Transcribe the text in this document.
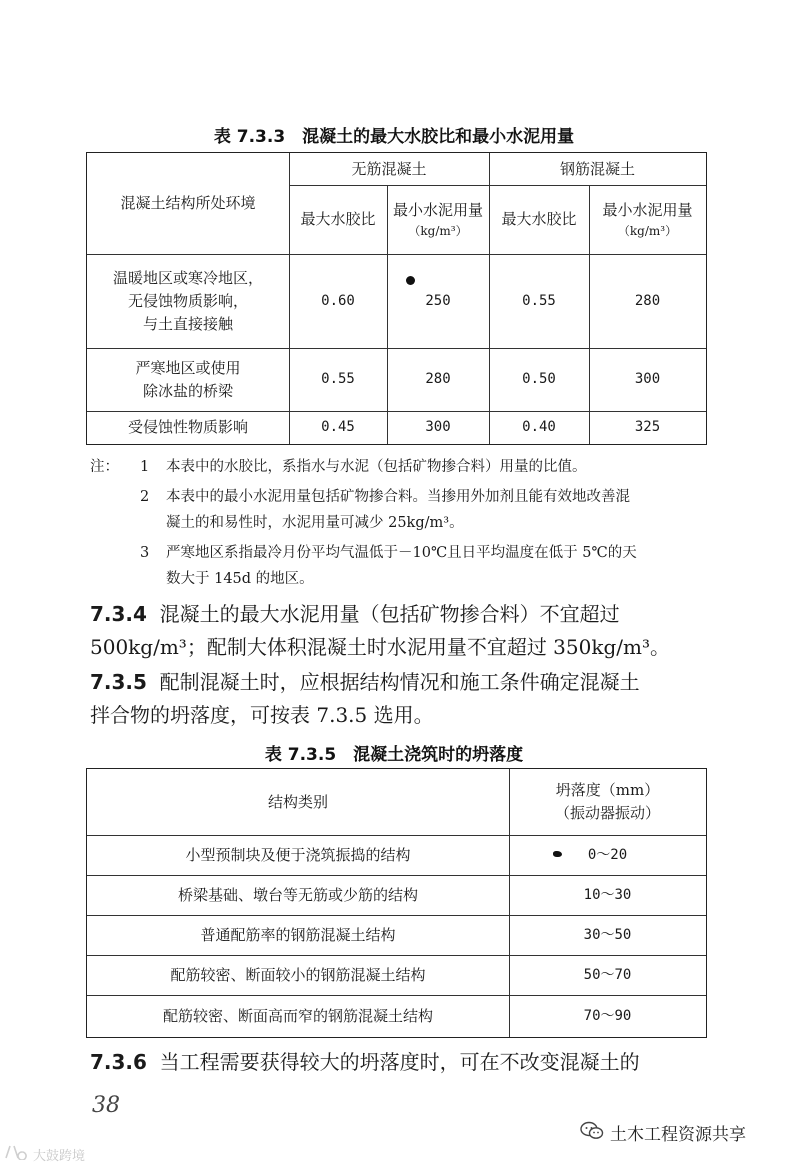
表 7.3.3　混凝土的最大水胶比和最小水泥用量
混凝土结构所处环境
无筋混凝土	钢筋混凝土
最大水胶比 最小水泥用量
（kg/m³）
最大水胶比 最小水泥用量
（kg/m³）
温暖地区或寒冷地区，
无侵蚀物质影响，
与土直接接触
0.60	250	0.55	280
严寒地区或使用
除冰盐的桥梁
0.55	280	0.50	300
受侵蚀性物质影响	0.45	300	0.40	325
注： 1 本表中的水胶比，系指水与水泥（包括矿物掺合料）用量的比值。
2 本表中的最小水泥用量包括矿物掺合料。当掺用外加剂且能有效地改善混
凝土的和易性时，水泥用量可减少 25kg/m³。
3 严寒地区系指最冷月份平均气温低于－10℃且日平均温度在低于 5℃的天
数大于 145d 的地区。
7.3.4 混凝土的最大水泥用量（包括矿物掺合料）不宜超过
500kg/m³；配制大体积混凝土时水泥用量不宜超过 350kg/m³。
7.3.5 配制混凝土时，应根据结构情况和施工条件确定混凝土
拌合物的坍落度，可按表 7.3.5 选用。
表 7.3.5　混凝土浇筑时的坍落度
结构类别
坍落度（mm）
（振动器振动）
小型预制块及便于浇筑振捣的结构	0～20
桥梁基础、墩台等无筋或少筋的结构	10～30
普通配筋率的钢筋混凝土结构	30～50
配筋较密、断面较小的钢筋混凝土结构	50～70
配筋较密、断面高而窄的钢筋混凝土结构	70～90
7.3.6 当工程需要获得较大的坍落度时，可在不改变混凝土的
38
土木工程资源共享
大鼓跨境
